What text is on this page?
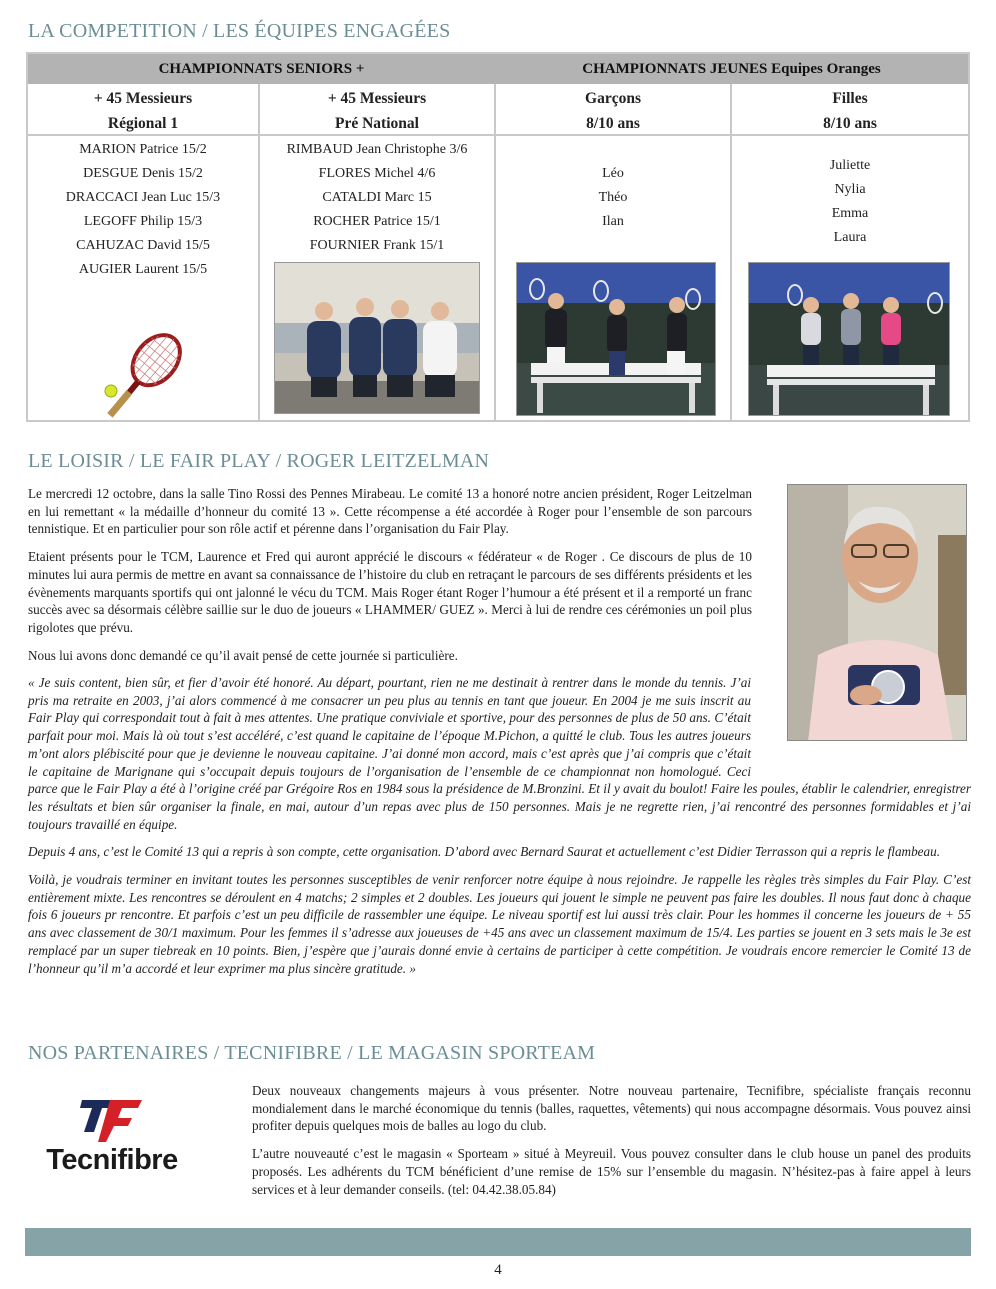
LA COMPETITION / LES ÉQUIPES ENGAGÉES
CHAMPIONNATS SENIORS +	CHAMPIONNATS JEUNES Equipes Oranges
+ 45 Messieurs
Régional 1
MARION Patrice 15/2
DESGUE Denis 15/2
DRACCACI Jean Luc 15/3
LEGOFF Philip 15/3
CAHUZAC David 15/5
AUGIER Laurent 15/5
+ 45 Messieurs
Pré National
RIMBAUD Jean Christophe 3/6
FLORES Michel 4/6
CATALDI Marc 15
ROCHER Patrice 15/1
FOURNIER Frank 15/1
Garçons
8/10 ans
Léo
Théo
Ilan
Filles
8/10 ans
Juliette
Nylia
Emma
Laura
LE LOISIR / LE FAIR PLAY / ROGER LEITZELMAN

Le mercredi 12 octobre, dans la salle Tino Rossi des Pennes Mirabeau. Le comité 13 a honoré notre ancien président, Roger Leitzelman en lui remettant « la médaille d’honneur du comité 13 ». Cette récompense a été accordée à Roger pour l’ensemble de son parcours tennistique. Et en particulier pour son rôle actif et pérenne dans l’organisation du Fair Play.

Etaient présents pour le TCM, Laurence et Fred qui auront apprécié le discours « fédérateur « de Roger . Ce discours de plus de 10 minutes lui aura permis de mettre en avant sa connaissance de l’histoire du club en retraçant le parcours de ses différents présidents et les évènements marquants sportifs qui ont jalonné le vécu du TCM. Mais Roger étant Roger l’humour a été présent et il a remporté un franc succès avec sa désormais célèbre saillie sur le duo de joueurs « LHAMMER/ GUEZ ». Merci à lui de rendre ces cérémonies un poil plus rigolotes que prévu.

Nous lui avons donc demandé ce qu’il avait pensé de cette journée si particulière.

« Je suis content, bien sûr, et fier d’avoir été honoré. Au départ, pourtant, rien ne me destinait à rentrer dans le monde du tennis. J’ai pris ma retraite en 2003, j’ai alors commencé à me consacrer un peu plus au tennis en tant que joueur. En 2004 je me suis inscrit au Fair Play qui correspondait tout à fait à mes attentes. Une pratique conviviale et sportive, pour des personnes de plus de 50 ans. C’était parfait pour moi. Mais là où tout s’est accéléré, c’est quand le capitaine de l’époque M.Pichon, a quitté le club. Tous les autres joueurs m’ont alors plébiscité pour que je devienne le nouveau capitaine. J’ai donné mon accord, mais c’est après que j’ai compris que c’était le capitaine de Marignane qui s’occupait depuis toujours de l’organisation de l’ensemble de ce championnat non homologué. Ceci parce que le Fair Play a été à l’origine créé par Grégoire Ros en 1984 sous la présidence de M.Bronzini. Et il y avait du boulot! Faire les poules, établir le calendrier, enregistrer les résultats et bien sûr organiser la finale, en mai, autour d’un repas avec plus de 150 personnes. Mais je ne regrette rien, j’ai rencontré des personnes formidables et j’ai toujours travaillé en équipe.

Depuis 4 ans, c’est le Comité 13 qui a repris à son compte, cette organisation. D’abord avec Bernard Saurat et actuellement c’est Didier Terrasson qui a repris le flambeau.

Voilà, je voudrais terminer en invitant toutes les personnes susceptibles de venir renforcer notre équipe à nous rejoindre. Je rappelle les règles très simples du Fair Play. C’est entièrement mixte. Les rencontres se déroulent en 4 matchs; 2 simples et 2 doubles. Les joueurs qui jouent le simple ne peuvent pas faire les doubles. Il nous faut donc à chaque fois 6 joueurs pr rencontre. Et parfois c’est un peu difficile de rassembler une équipe. Le niveau sportif est lui aussi très clair. Pour les hommes il concerne les joueurs de + 55 ans avec classement de 30/1 maximum. Pour les femmes il s’adresse aux joueuses de +45 ans avec un classement maximum de 15/4. Les parties se jouent en 3 sets mais le 3e est remplacé par un super tiebreak en 10 points. Bien, j’espère que j’aurais donné envie à certains de participer à cette compétition. Je voudrais encore remercier le Comité 13 de l’honneur qu’il m’a accordé et leur exprimer ma plus sincère gratitude. »

NOS PARTENAIRES / TECNIFIBRE / LE MAGASIN SPORTEAM
Tecnifibre

Deux nouveaux changements majeurs à vous présenter. Notre nouveau partenaire, Tecnifibre, spécialiste français reconnu mondialement dans le marché économique du tennis (balles, raquettes, vêtements) qui nous accompagne désormais. Vous pouvez ainsi profiter depuis quelques mois de balles au logo du club.

L’autre nouveauté c’est le magasin « Sporteam » situé à Meyreuil. Vous pouvez consulter dans le club house un panel des produits proposés. Les adhérents du TCM bénéficient d’une remise de 15% sur l’ensemble du magasin. N’hésitez-pas à faire appel à leurs services et à leur demander conseils. (tel: 04.42.38.05.84)

4
